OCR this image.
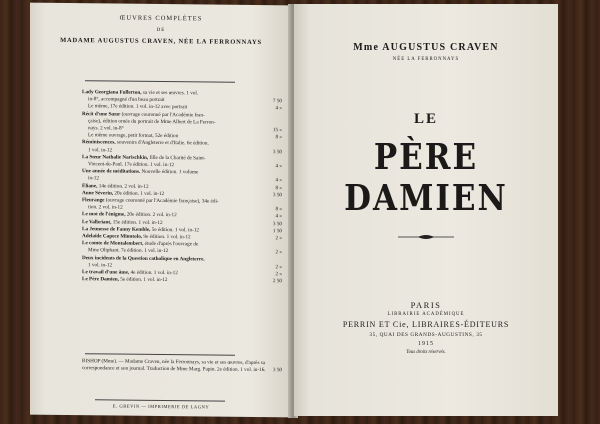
ŒUVRES COMPLÈTES
DE
MADAME AUGUSTUS CRAVEN, NÉE LA FERRONNAYS
Lady Georgiana Fullerton, sa vie et ses œuvres. 1 vol.
in-8°, accompagné d'un beau portrait	7 50
Le même, 17e édition. 1 vol. in-12 avec portrait	4 »
Récit d'une Sœur (ouvrage couronné par l'Académie fran-
çaise), édition ornée du portrait de Mme Albert de La Ferron-
nays. 2 vol. in-8°	15 »
Le même ouvrage, petit format, 52e édition	8 »
Réminiscences, souvenirs d'Angleterre et d'Italie. 6e édition.
1 vol. in-12	3 50
La Sœur Nathalie Narischkin, fille de la Charité de Saint-
Vincent-de-Paul. 17e édition. 1 vol. in-12	4 »
Une année de méditations. Nouvelle édition. 1 volume
in-12	4 »
Éliane, 14e édition. 2 vol. in-12	8 »
Anne Séverin, 20e édition. 1 vol. in-12	3 50
Fleurange (ouvrage couronné par l'Académie française), 34e édi-
tion. 2 vol. in-12	8 »
Le mot de l'énigme, 20e édition. 2 vol. in-12	4 »
Le Valbriant, 15e édition. 1 vol. in-12	3 50
La Jeunesse de Fanny Kemble, 5e édition. 1 vol. in-12	1 50
Adelaïde Capece Minutolo, 9e édition. 1 vol. in-12	2 »
Le comte de Montalembert, étude d'après l'ouvrage de
Mme Oliphant. 7e édition. 1 vol. in-12	2 »
Deux incidents de la Question catholique en Angleterre.
1 vol. in-12	2 »
Le travail d'une âme, 4e édition. 1 vol. in-12	2 »
Le Père Damien, 5e édition. 1 vol. in-12	2 50
BISHOP (Mme). — Madame Craven, née la Ferronnays, sa vie et ses œuvres, d'après sa correspondance et son journal. Traduction de Mme Marg. Papin. 2e édition. 1 vol. in-16. 3 50
E. GREVIN — IMPRIMERIE DE LAGNY
Mme AUGUSTUS CRAVEN
NÉE LA FERRONNAYS
LE
PÈRE DAMIEN
PARIS
LIBRAIRIE ACADÉMIQUE
PERRIN ET Cie, LIBRAIRES-ÉDITEURS
35, QUAI DES GRANDS-AUGUSTINS, 35
1915
Tous droits réservés.
